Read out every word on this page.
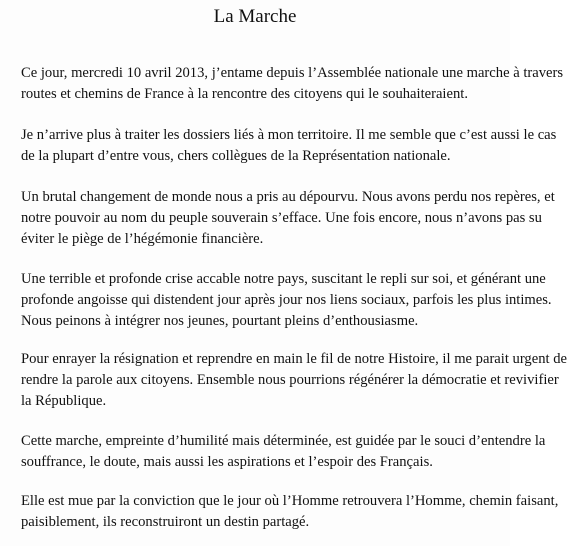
La Marche

Ce jour, mercredi 10 avril 2013, j’entame depuis l’Assemblée nationale une marche à travers
routes et chemins de France à la rencontre des citoyens qui le souhaiteraient.

Je n’arrive plus à traiter les dossiers liés à mon territoire. Il me semble que c’est aussi le cas
de la plupart d’entre vous, chers collègues de la Représentation nationale.

Un brutal changement de monde nous a pris au dépourvu. Nous avons perdu nos repères, et
notre pouvoir au nom du peuple souverain s’efface. Une fois encore, nous n’avons pas su
éviter le piège de l’hégémonie financière.

Une terrible et profonde crise accable notre pays, suscitant le repli sur soi, et générant une
profonde angoisse qui distendent jour après jour nos liens sociaux, parfois les plus intimes.
Nous peinons à intégrer nos jeunes, pourtant pleins d’enthousiasme.

Pour enrayer la résignation et reprendre en main le fil de notre Histoire, il me parait urgent de
rendre la parole aux citoyens. Ensemble nous pourrions régénérer la démocratie et revivifier
la République.

Cette marche, empreinte d’humilité mais déterminée, est guidée par le souci d’entendre la
souffrance, le doute, mais aussi les aspirations et l’espoir des Français.

Elle est mue par la conviction que le jour où l’Homme retrouvera l’Homme, chemin faisant,
paisiblement, ils reconstruiront un destin partagé.
